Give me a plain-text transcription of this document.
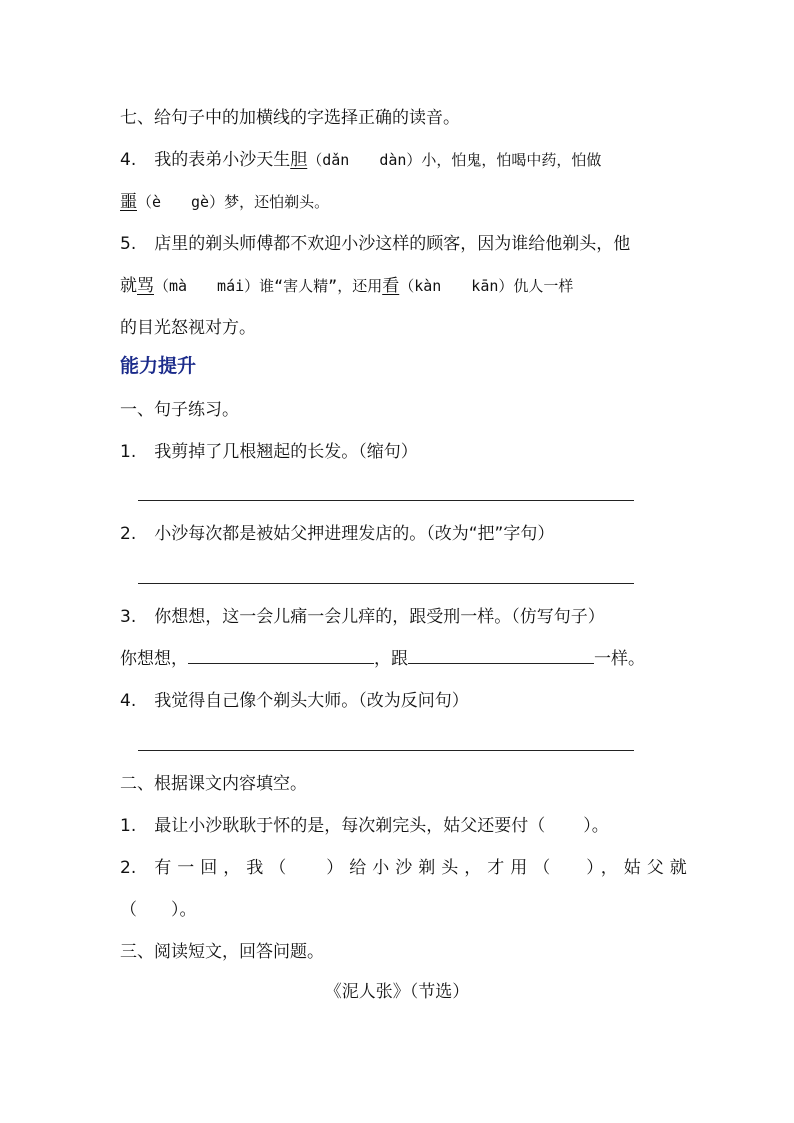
七、给句子中的加横线的字选择正确的读音。
4. 我的表弟小沙天生胆（dǎn　　dàn）小，怕鬼，怕喝中药，怕做
噩（è　　gè）梦，还怕剃头。
5. 店里的剃头师傅都不欢迎小沙这样的顾客，因为谁给他剃头，他
就骂（mà　　mái）谁“害人精”，还用看（kàn　　kān）仇人一样
的目光怒视对方。
能力提升
一、句子练习。
1. 我剪掉了几根翘起的长发。（缩句）
2. 小沙每次都是被姑父押进理发店的。（改为“把”字句）
3. 你想想，这一会儿痛一会儿痒的，跟受刑一样。（仿写句子）
你想想，	，跟	一样。
4. 我觉得自己像个剃头大师。（改为反问句）
二、根据课文内容填空。
1. 最让小沙耿耿于怀的是，每次剃完头，姑父还要付（ ）。
2. 有一回，我（ ）给小沙剃头，才用（ ），姑父就
（ ）。
三、阅读短文，回答问题。
《泥人张》（节选）
